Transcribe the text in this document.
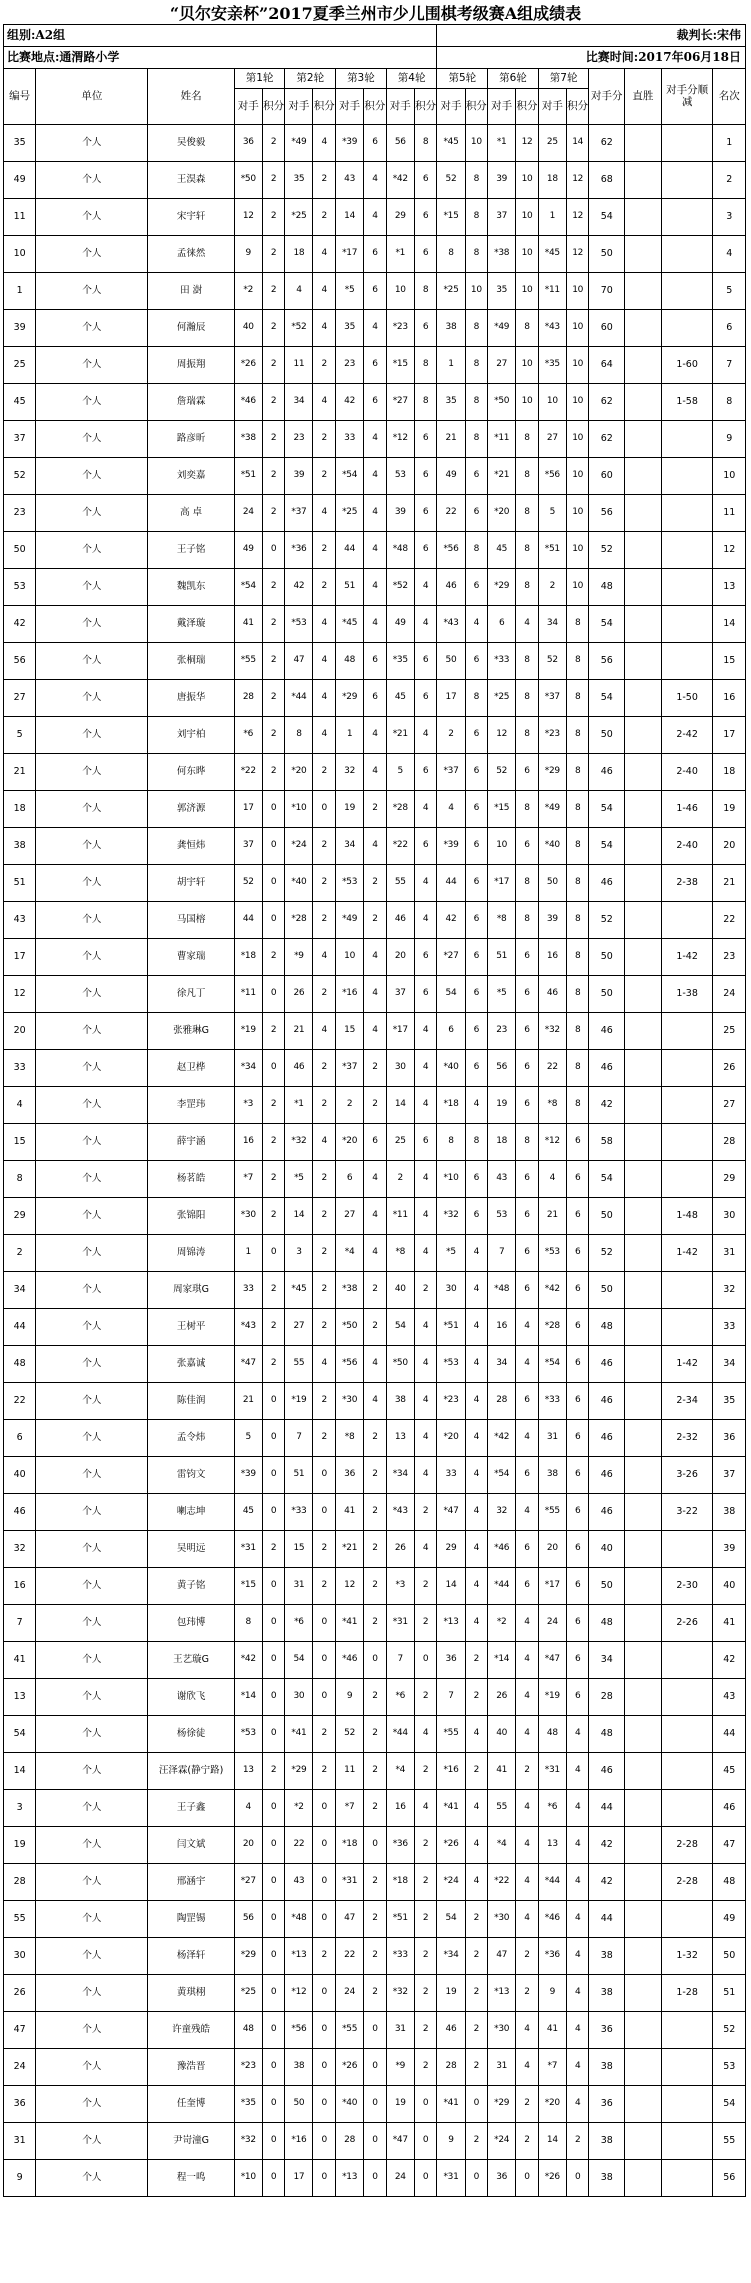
“贝尔安亲杯”2017夏季兰州市少儿围棋考级赛A组成绩表
组别:A2组											裁判长:宋伟									
比赛地点:通渭路小学											比赛时间:2017年06月18日									
编号	单位	姓名	第1轮		第2轮		第3轮		第4轮		第5轮		第6轮		第7轮		对手分	直胜	对手分顺减	名次
			对手	积分	对手	积分	对手	积分	对手	积分	对手	积分	对手	积分	对手	积分				
35	个人	吴俊毅	36	2	*49	4	*39	6	56	8	*45	10	*1	12	25	14	62			1
49	个人	王淏森	*50	2	35	2	43	4	*42	6	52	8	39	10	18	12	68			2
11	个人	宋宇轩	12	2	*25	2	14	4	29	6	*15	8	37	10	1	12	54			3
10	个人	孟徕然	9	2	18	4	*17	6	*1	6	8	8	*38	10	*45	12	50			4
1	个人	田 澍	*2	2	4	4	*5	6	10	8	*25	10	35	10	*11	10	70			5
39	个人	何瀚辰	40	2	*52	4	35	4	*23	6	38	8	*49	8	*43	10	60			6
25	个人	周振翔	*26	2	11	2	23	6	*15	8	1	8	27	10	*35	10	64		1-60	7
45	个人	詹瑞霖	*46	2	34	4	42	6	*27	8	35	8	*50	10	10	10	62		1-58	8
37	个人	路彦昕	*38	2	23	2	33	4	*12	6	21	8	*11	8	27	10	62			9
52	个人	刘奕嘉	*51	2	39	2	*54	4	53	6	49	6	*21	8	*56	10	60			10
23	个人	高 卓	24	2	*37	4	*25	4	39	6	22	6	*20	8	5	10	56			11
50	个人	王子铭	49	0	*36	2	44	4	*48	6	*56	8	45	8	*51	10	52			12
53	个人	魏凯东	*54	2	42	2	51	4	*52	4	46	6	*29	8	2	10	48			13
42	个人	戴泽璇	41	2	*53	4	*45	4	49	4	*43	4	6	4	34	8	54			14
56	个人	张桐瑞	*55	2	47	4	48	6	*35	6	50	6	*33	8	52	8	56			15
27	个人	唐振华	28	2	*44	4	*29	6	45	6	17	8	*25	8	*37	8	54		1-50	16
5	个人	刘宇柏	*6	2	8	4	1	4	*21	4	2	6	12	8	*23	8	50		2-42	17
21	个人	何东晔	*22	2	*20	2	32	4	5	6	*37	6	52	6	*29	8	46		2-40	18
18	个人	郭济源	17	0	*10	0	19	2	*28	4	4	6	*15	8	*49	8	54		1-46	19
38	个人	龚恒炜	37	0	*24	2	34	4	*22	6	*39	6	10	6	*40	8	54		2-40	20
51	个人	胡宇轩	52	0	*40	2	*53	2	55	4	44	6	*17	8	50	8	46		2-38	21
43	个人	马国榕	44	0	*28	2	*49	2	46	4	42	6	*8	8	39	8	52			22
17	个人	曹家瑞	*18	2	*9	4	10	4	20	6	*27	6	51	6	16	8	50		1-42	23
12	个人	徐凡丁	*11	0	26	2	*16	4	37	6	54	6	*5	6	46	8	50		1-38	24
20	个人	张雅琳G	*19	2	21	4	15	4	*17	4	6	6	23	6	*32	8	46			25
33	个人	赵卫桦	*34	0	46	2	*37	2	30	4	*40	6	56	6	22	8	46			26
4	个人	李罡玮	*3	2	*1	2	2	2	14	4	*18	4	19	6	*8	8	42			27
15	个人	薛宇涵	16	2	*32	4	*20	6	25	6	8	8	18	8	*12	6	58			28
8	个人	杨茗皓	*7	2	*5	2	6	4	2	4	*10	6	43	6	4	6	54			29
29	个人	张锦阳	*30	2	14	2	27	4	*11	4	*32	6	53	6	21	6	50		1-48	30
2	个人	周锦涛	1	0	3	2	*4	4	*8	4	*5	4	7	6	*53	6	52		1-42	31
34	个人	周家琪G	33	2	*45	2	*38	2	40	2	30	4	*48	6	*42	6	50			32
44	个人	王树平	*43	2	27	2	*50	2	54	4	*51	4	16	4	*28	6	48			33
48	个人	张嘉诚	*47	2	55	4	*56	4	*50	4	*53	4	34	4	*54	6	46		1-42	34
22	个人	陈佳润	21	0	*19	2	*30	4	38	4	*23	4	28	6	*33	6	46		2-34	35
6	个人	孟令炜	5	0	7	2	*8	2	13	4	*20	4	*42	4	31	6	46		2-32	36
40	个人	雷钧文	*39	0	51	0	36	2	*34	4	33	4	*54	6	38	6	46		3-26	37
46	个人	喇志坤	45	0	*33	0	41	2	*43	2	*47	4	32	4	*55	6	46		3-22	38
32	个人	吴明远	*31	2	15	2	*21	2	26	4	29	4	*46	6	20	6	40			39
16	个人	黄子铭	*15	0	31	2	12	2	*3	2	14	4	*44	6	*17	6	50		2-30	40
7	个人	包玮博	8	0	*6	0	*41	2	*31	2	*13	4	*2	4	24	6	48		2-26	41
41	个人	王艺璇G	*42	0	54	0	*46	0	7	0	36	2	*14	4	*47	6	34			42
13	个人	谢欣飞	*14	0	30	0	9	2	*6	2	7	2	26	4	*19	6	28			43
54	个人	杨徐徒	*53	0	*41	2	52	2	*44	4	*55	4	40	4	48	4	48			44
14	个人	汪泽霖(静宁路)	13	2	*29	2	11	2	*4	2	*16	2	41	2	*31	4	46			45
3	个人	王子鑫	4	0	*2	0	*7	2	16	4	*41	4	55	4	*6	4	44			46
19	个人	闫文斌	20	0	22	0	*18	0	*36	2	*26	4	*4	4	13	4	42		2-28	47
28	个人	邢涵宇	*27	0	43	0	*31	2	*18	2	*24	4	*22	4	*44	4	42		2-28	48
55	个人	陶罡锡	56	0	*48	0	47	2	*51	2	54	2	*30	4	*46	4	44			49
30	个人	杨泽轩	*29	0	*13	2	22	2	*33	2	*34	2	47	2	*36	4	38		1-32	50
26	个人	黄琪栩	*25	0	*12	0	24	2	*32	2	19	2	*13	2	9	4	38		1-28	51
47	个人	许童残皓	48	0	*56	0	*55	0	31	2	46	2	*30	4	41	4	36			52
24	个人	豫浩晋	*23	0	38	0	*26	0	*9	2	28	2	31	4	*7	4	38			53
36	个人	任奎博	*35	0	50	0	*40	0	19	0	*41	0	*29	2	*20	4	36			54
31	个人	尹岢潼G	*32	0	*16	0	28	0	*47	0	9	2	*24	2	14	2	38			55
9	个人	程一鸣	*10	0	17	0	*13	0	24	0	*31	0	36	0	*26	0	38			56
